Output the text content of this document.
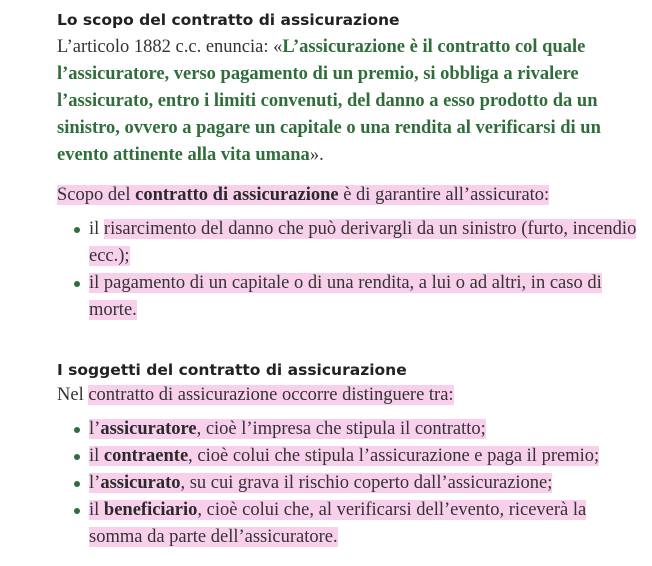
Lo scopo del contratto di assicurazione

L’articolo 1882 c.c. enuncia: «L’assicurazione è il contratto col quale l’assicuratore, verso pagamento di un premio, si obbliga a rivalere l’assicurato, entro i limiti convenuti, del danno a esso prodotto da un sinistro, ovvero a pagare un capitale o una rendita al verificarsi di un evento attinente alla vita umana».

Scopo del contratto di assicurazione è di garantire all’assicurato:

il risarcimento del danno che può derivargli da un sinistro (furto, incendio ecc.);
il pagamento di un capitale o di una rendita, a lui o ad altri, in caso di morte.
I soggetti del contratto di assicurazione

Nel contratto di assicurazione occorre distinguere tra:

l’assicuratore, cioè l’impresa che stipula il contratto;
il contraente, cioè colui che stipula l’assicurazione e paga il premio;
l’assicurato, su cui grava il rischio coperto dall’assicurazione;
il beneficiario, cioè colui che, al verificarsi dell’evento, riceverà la somma da parte dell’assicuratore.
